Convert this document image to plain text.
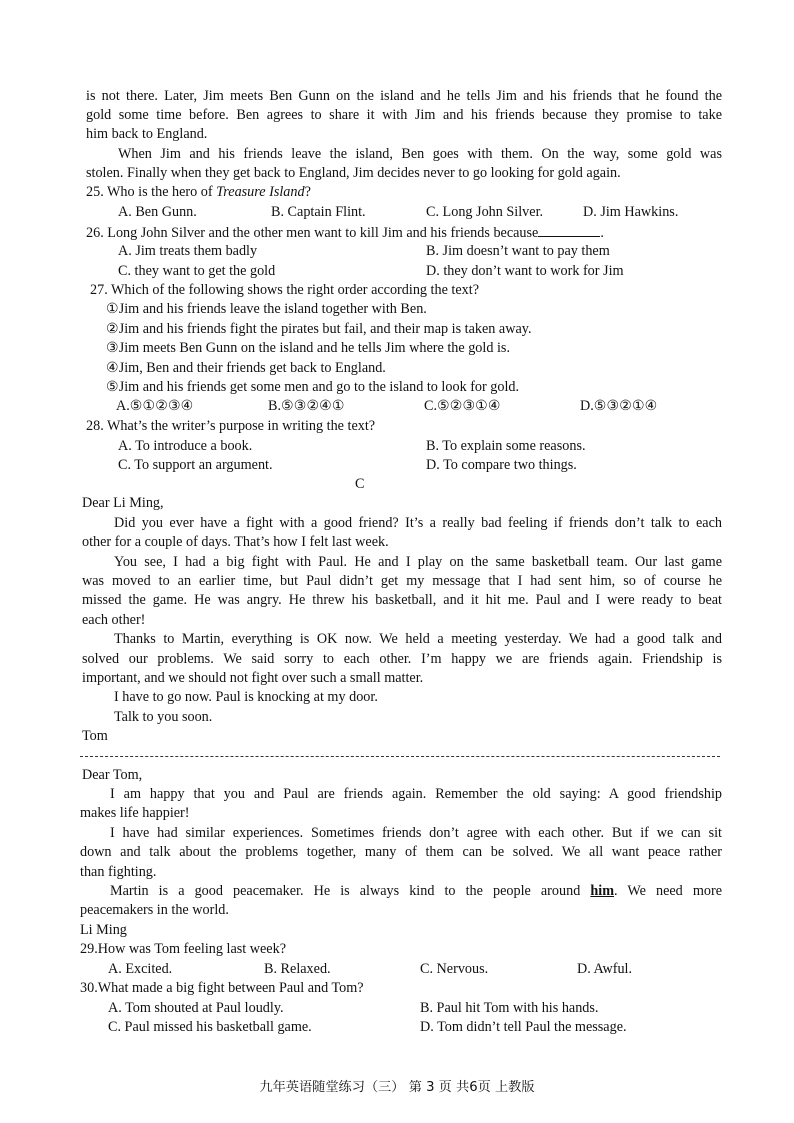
is not there. Later, Jim meets Ben Gunn on the island and he tells Jim and his friends that he found the
gold some time before. Ben agrees to share it with Jim and his friends because they promise to take
him back to England.
When Jim and his friends leave the island, Ben goes with them. On the way, some gold was
stolen. Finally when they get back to England, Jim decides never to go looking for gold again.
25. Who is the hero of Treasure Island?
A. Ben Gunn.	B. Captain Flint.	C. Long John Silver.	D. Jim Hawkins.
26. Long John Silver and the other men want to kill Jim and his friends because	.
A. Jim treats them badly	B. Jim doesn’t want to pay them
C. they want to get the gold	D. they don’t want to work for Jim
27. Which of the following shows the right order according the text?
①Jim and his friends leave the island together with Ben.
②Jim and his friends fight the pirates but fail, and their map is taken away.
③Jim meets Ben Gunn on the island and he tells Jim where the gold is.
④Jim, Ben and their friends get back to England.
⑤Jim and his friends get some men and go to the island to look for gold.
A.⑤①②③④	B.⑤③②④①	C.⑤②③①④	D.⑤③②①④
28. What’s the writer’s purpose in writing the text?
A. To introduce a book.	B. To explain some reasons.
C. To support an argument.	D. To compare two things.
C
Dear Li Ming,
Did you ever have a fight with a good friend? It’s a really bad feeling if friends don’t talk to each
other for a couple of days. That’s how I felt last week.
You see, I had a big fight with Paul. He and I play on the same basketball team. Our last game
was moved to an earlier time, but Paul didn’t get my message that I had sent him, so of course he
missed the game. He was angry. He threw his basketball, and it hit me. Paul and I were ready to beat
each other!
Thanks to Martin, everything is OK now. We held a meeting yesterday. We had a good talk and
solved our problems. We said sorry to each other. I’m happy we are friends again. Friendship is
important, and we should not fight over such a small matter.
I have to go now. Paul is knocking at my door.
Talk to you soon.
Tom
Dear Tom,
I am happy that you and Paul are friends again. Remember the old saying: A good friendship
makes life happier!
I have had similar experiences. Sometimes friends don’t agree with each other. But if we can sit
down and talk about the problems together, many of them can be solved. We all want peace rather
than fighting.
Martin is a good peacemaker. He is always kind to the people around him. We need more
peacemakers in the world.
Li Ming
29.How was Tom feeling last week?
A. Excited.	B. Relaxed.	C. Nervous.	D. Awful.
30.What made a big fight between Paul and Tom?
A. Tom shouted at Paul loudly.	B. Paul hit Tom with his hands.
C. Paul missed his basketball game.	D. Tom didn’t tell Paul the message.
九年英语随堂练习（三） 第 3 页 共6页 上教版
